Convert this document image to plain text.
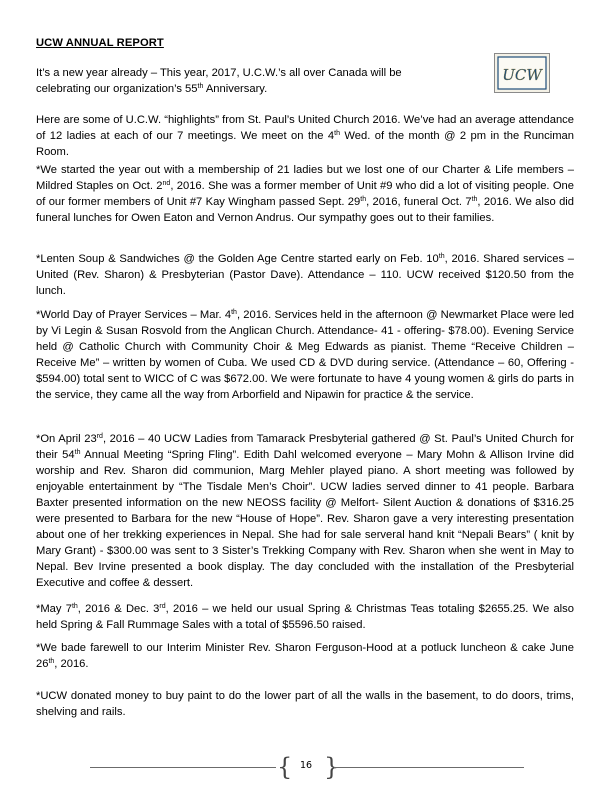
UCW ANNUAL REPORT
UCW
It’s a new year already – This year, 2017, U.C.W.’s all over Canada will be celebrating our organization’s 55th Anniversary.
Here are some of U.C.W. “highlights” from St. Paul’s United Church 2016. We’ve had an average attendance of 12 ladies at each of our 7 meetings. We meet on the 4th Wed. of the month @ 2 pm in the Runciman Room.
*We started the year out with a membership of 21 ladies but we lost one of our Charter & Life members – Mildred Staples on Oct. 2nd, 2016. She was a former member of Unit #9 who did a lot of visiting people. One of our former members of Unit #7 Kay Wingham passed Sept. 29th, 2016, funeral Oct. 7th, 2016. We also did funeral lunches for Owen Eaton and Vernon Andrus. Our sympathy goes out to their families.
*Lenten Soup & Sandwiches @ the Golden Age Centre started early on Feb. 10th, 2016. Shared services – United (Rev. Sharon) & Presbyterian (Pastor Dave). Attendance – 110. UCW received $120.50 from the lunch.
*World Day of Prayer Services – Mar. 4th, 2016. Services held in the afternoon @ Newmarket Place were led by Vi Legin & Susan Rosvold from the Anglican Church. Attendance- 41 - offering- $78.00). Evening Service held @ Catholic Church with Community Choir & Meg Edwards as pianist. Theme “Receive Children – Receive Me” – written by women of Cuba. We used CD & DVD during service. (Attendance – 60, Offering - $594.00) total sent to WICC of C was $672.00. We were fortunate to have 4 young women & girls do parts in the service, they came all the way from Arborfield and Nipawin for practice & the service.
*On April 23rd, 2016 – 40 UCW Ladies from Tamarack Presbyterial gathered @ St. Paul’s United Church for their 54th Annual Meeting “Spring Fling”. Edith Dahl welcomed everyone – Mary Mohn & Allison Irvine did worship and Rev. Sharon did communion, Marg Mehler played piano. A short meeting was followed by enjoyable entertainment by “The Tisdale Men’s Choir”. UCW ladies served dinner to 41 people. Barbara Baxter presented information on the new NEOSS facility @ Melfort- Silent Auction & donations of $316.25 were presented to Barbara for the new “House of Hope”. Rev. Sharon gave a very interesting presentation about one of her trekking experiences in Nepal. She had for sale serveral hand knit “Nepali Bears” ( knit by Mary Grant) - $300.00 was sent to 3 Sister’s Trekking Company with Rev. Sharon when she went in May to Nepal. Bev Irvine presented a book display. The day concluded with the installation of the Presbyterial Executive and coffee & dessert.
*May 7th, 2016 & Dec. 3rd, 2016 – we held our usual Spring & Christmas Teas totaling $2655.25. We also held Spring & Fall Rummage Sales with a total of $5596.50 raised.
*We bade farewell to our Interim Minister Rev. Sharon Ferguson-Hood at a potluck luncheon & cake June 26th, 2016.
*UCW donated money to buy paint to do the lower part of all the walls in the basement, to do doors, trims, shelving and rails.
{ 16 }
